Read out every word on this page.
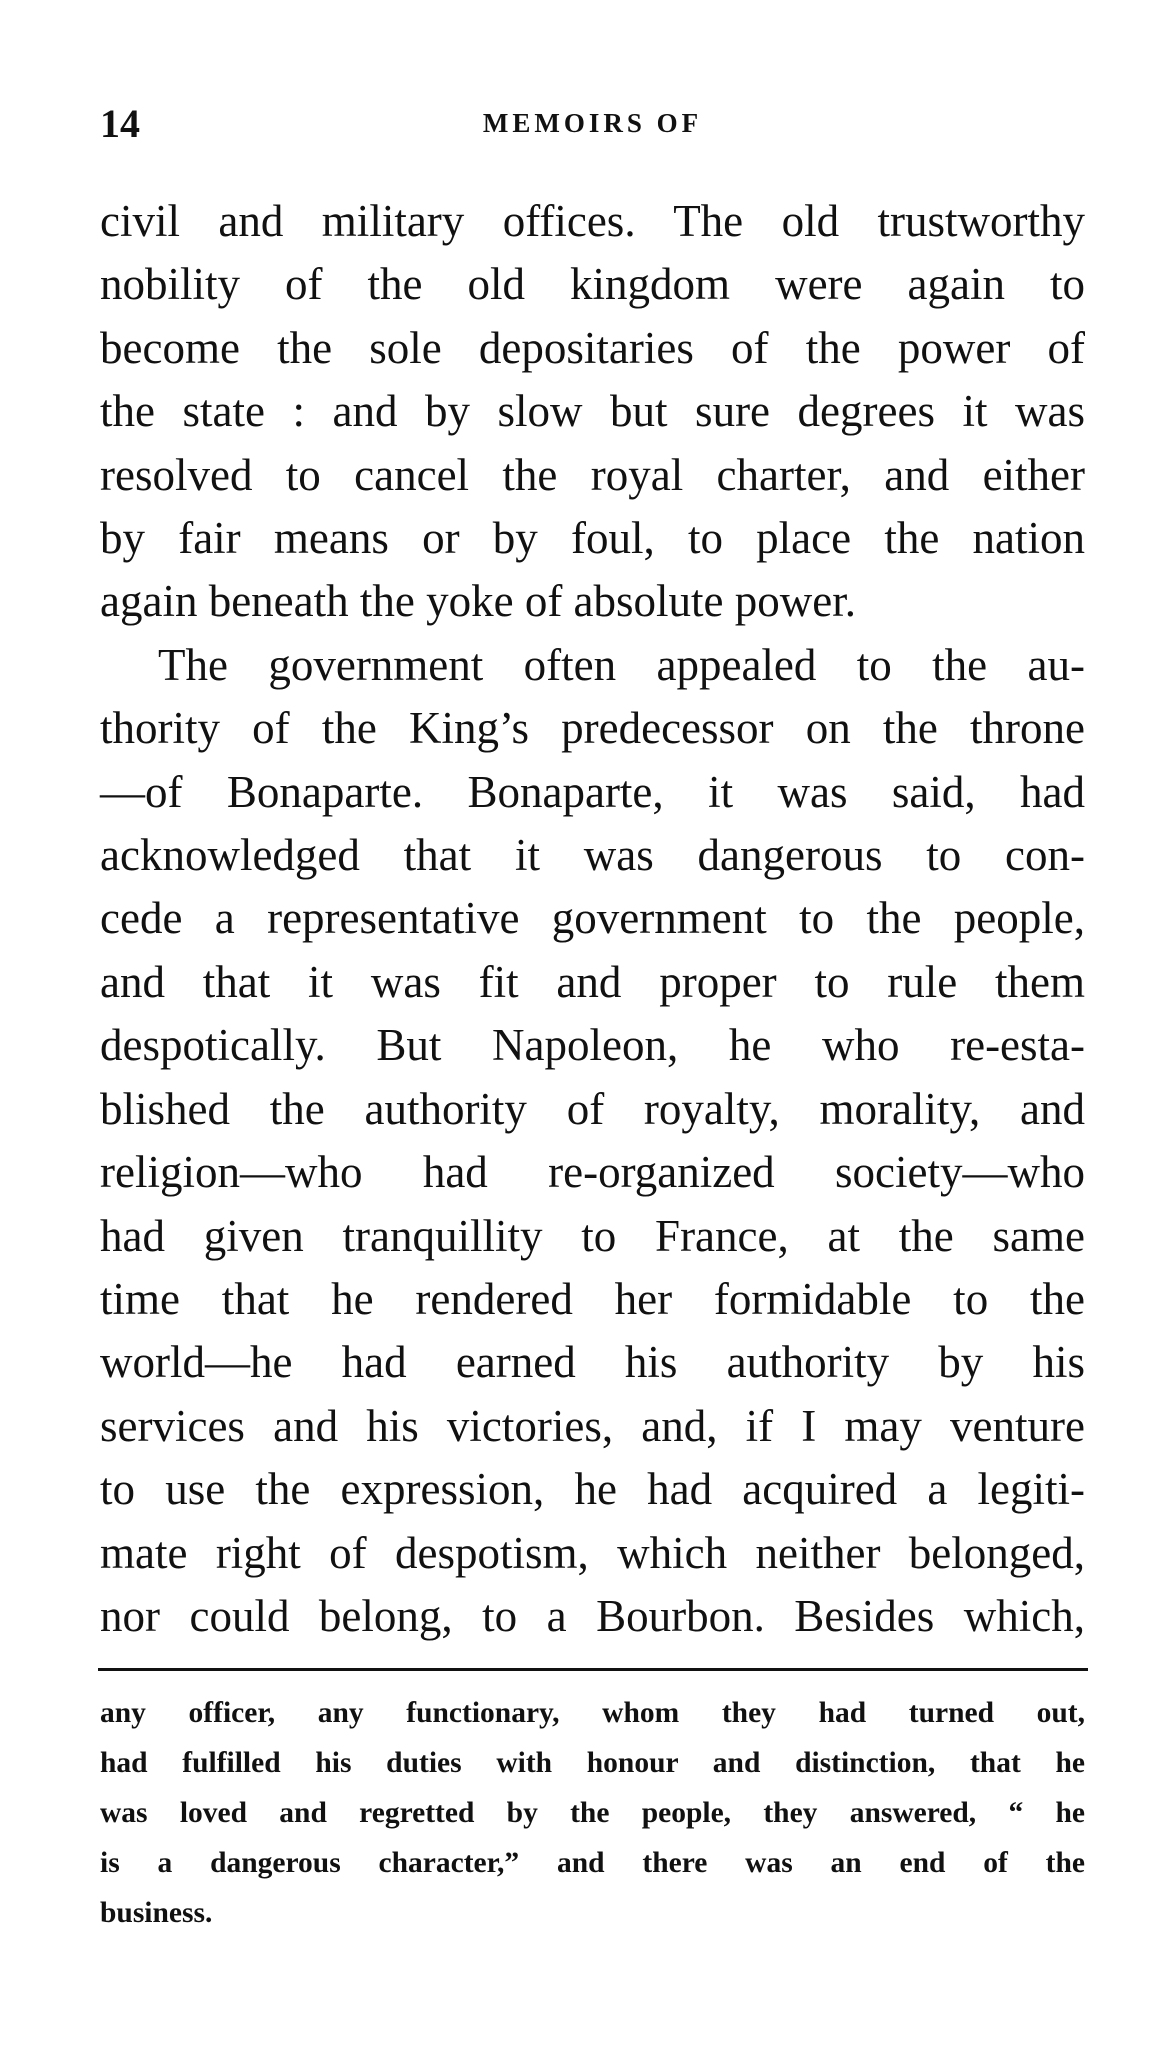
14	MEMOIRS OF

civil and military offices. The old trustworthy

nobility of the old kingdom were again to

become the sole depositaries of the power of

the state : and by slow but sure degrees it was

resolved to cancel the royal charter, and either

by fair means or by foul, to place the nation

again beneath the yoke of absolute power.

The government often appealed to the au-

thority of the King’s predecessor on the throne

—of Bonaparte. Bonaparte, it was said, had

acknowledged that it was dangerous to con-

cede a representative government to the people,

and that it was fit and proper to rule them

despotically. But Napoleon, he who re-esta-

blished the authority of royalty, morality, and

religion—who had re-organized society—who

had given tranquillity to France, at the same

time that he rendered her formidable to the

world—he had earned his authority by his

services and his victories, and, if I may venture

to use the expression, he had acquired a legiti-

mate right of despotism, which neither belonged,

nor could belong, to a Bourbon. Besides which,

any officer, any functionary, whom they had turned out,

had fulfilled his duties with honour and distinction, that he

was loved and regretted by the people, they answered, “ he

is a dangerous character,” and there was an end of the

business.
